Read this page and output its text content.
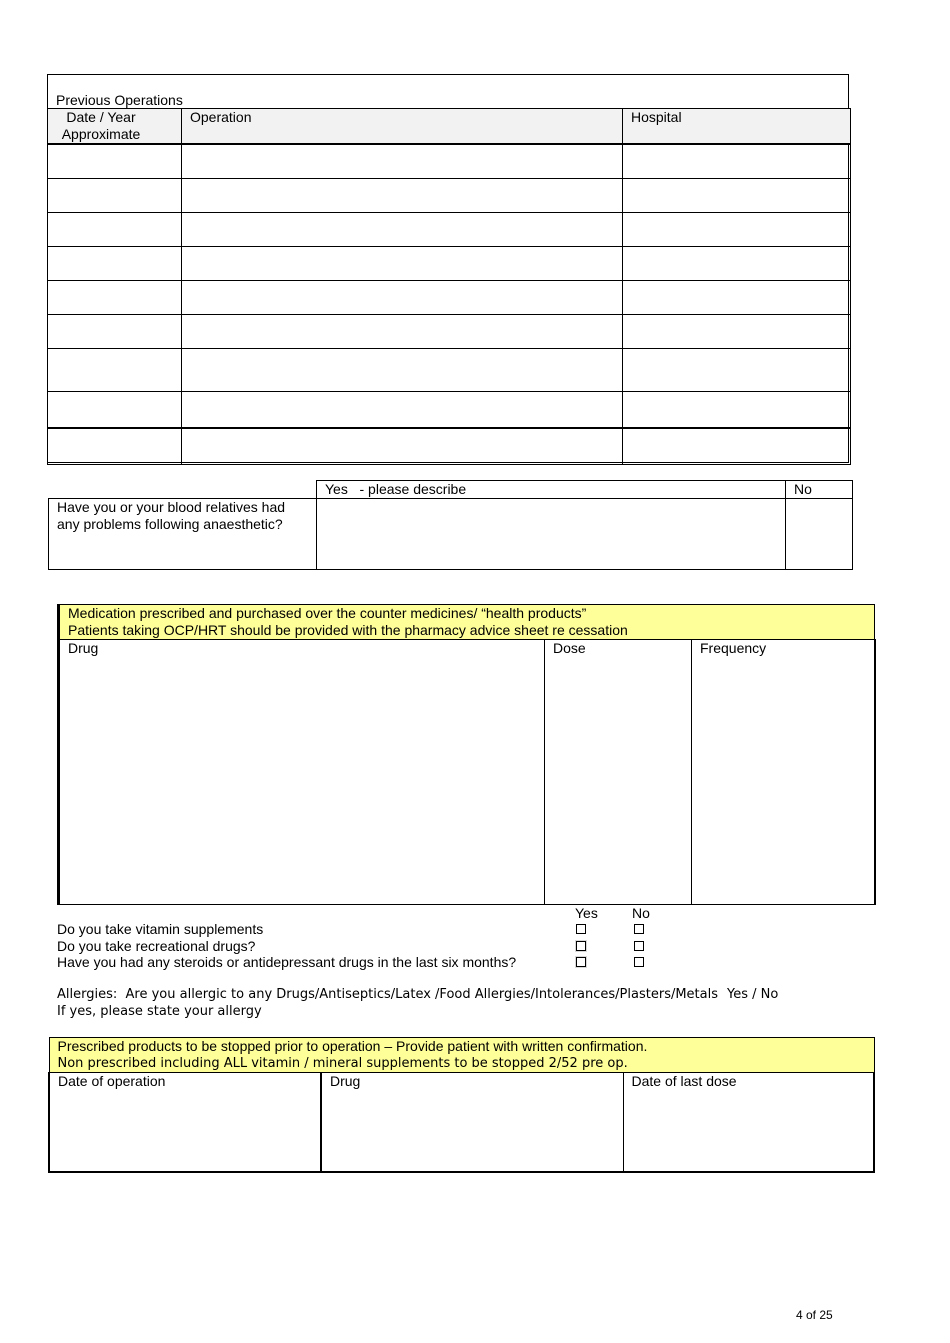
Previous Operations
Date / Year Approximate	Operation	Hospital

	Yes   - please describe	No
Have you or your blood relatives had any problems following anaesthetic?		
Medication prescribed and purchased over the counter medicines/ “health products”
Patients taking OCP/HRT should be provided with the pharmacy advice sheet re cessation

Drug	Dose	Frequency
Yes No
Do you take vitamin supplements
Do you take recreational drugs?
Have you had any steroids or antidepressant drugs in the last six months?
Allergies:  Are you allergic to any Drugs/Antiseptics/Latex /Food Allergies/Intolerances/Plasters/Metals Yes / No
If yes, please state your allergy
Prescribed products to be stopped prior to operation – Provide patient with written confirmation.
Non prescribed including ALL vitamin / mineral supplements to be stopped 2/52 pre op.

Date of operation	Drug	Date of last dose
4 of 25
